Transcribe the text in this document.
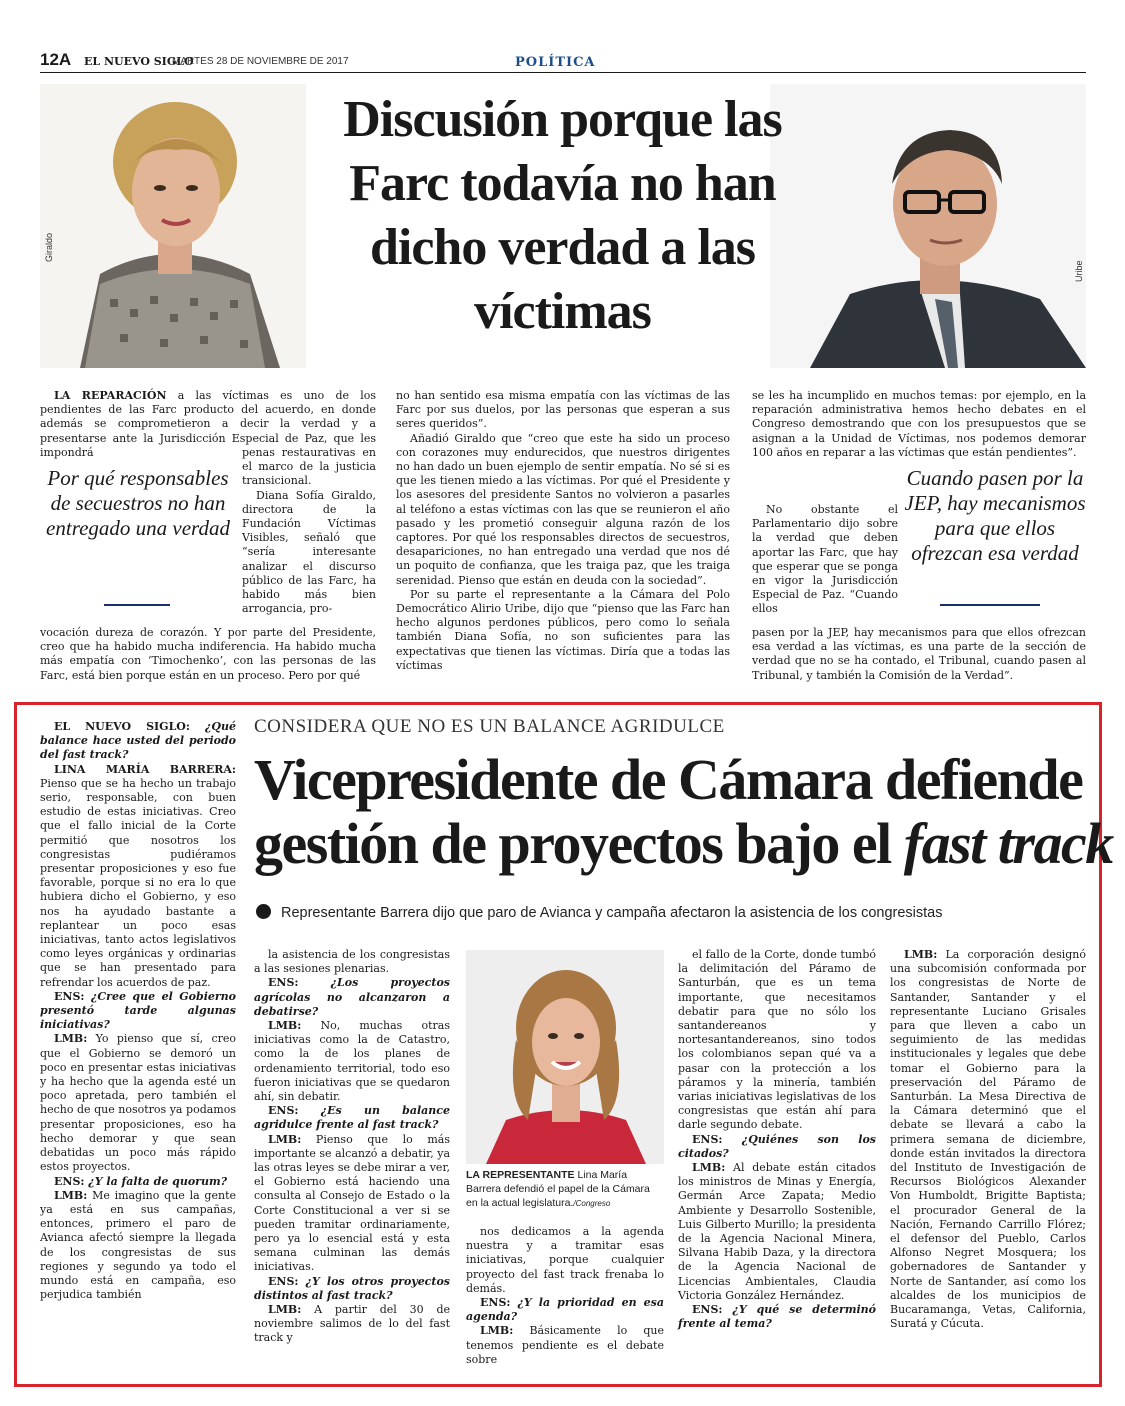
12A EL NUEVO SIGLO
MARTES 28 DE NOVIEMBRE DE 2017	POLÍTICA
Giraldo
Uribe
Discusión porque las Farc todavía no han dicho verdad a las víctimas

LA REPARACIÓN a las víctimas es uno de los pendientes de las Farc producto del acuerdo, en donde además se comprometieron a decir la verdad y a presentarse ante la Jurisdicción Especial de Paz, que les impondrá

Por qué responsables de secuestros no han entregado una verdad

penas restaurativas en el marco de la justicia transicional.

Diana Sofía Giraldo, directora de la Fundación Víctimas Visibles, señaló que “sería interesante analizar el discurso público de las Farc, ha habido más bien arrogancia, pro-

vocación dureza de corazón. Y por parte del Presidente, creo que ha habido mucha indiferencia. Ha habido mucha más empatía con ‘Timochenko’, con las personas de las Farc, está bien porque están en un proceso. Pero por qué

no han sentido esa misma empatía con las víctimas de las Farc por sus duelos, por las personas que esperan a sus seres queridos”.

Añadió Giraldo que “creo que este ha sido un proceso con corazones muy endurecidos, que nuestros dirigentes no han dado un buen ejemplo de sentir empatía. No sé si es que les tienen miedo a las víctimas. Por qué el Presidente y los asesores del presidente Santos no volvieron a pasarles al teléfono a estas víctimas con las que se reunieron el año pasado y les prometió conseguir alguna razón de los captores. Por qué los responsables directos de secuestros, desapariciones, no han entregado una verdad que nos dé un poquito de confianza, que les traiga paz, que les traiga serenidad. Pienso que están en deuda con la sociedad”.

Por su parte el representante a la Cámara del Polo Democrático Alirio Uribe, dijo que “pienso que las Farc han hecho algunos perdones públicos, pero como lo señala también Diana Sofía, no son suficientes para las expectativas que tienen las víctimas. Diría que a todas las víctimas

se les ha incumplido en muchos temas: por ejemplo, en la reparación administrativa hemos hecho debates en el Congreso demostrando que con los presupuestos que se asignan a la Unidad de Víctimas, nos podemos demorar 100 años en reparar a las víctimas que están pendientes”.

No obstante el Parlamentario dijo sobre la verdad que deben aportar las Farc, que hay que esperar que se ponga en vigor la Jurisdicción Especial de Paz. “Cuando ellos

Cuando pasen por la JEP, hay mecanismos para que ellos ofrezcan esa verdad

pasen por la JEP, hay mecanismos para que ellos ofrezcan esa verdad a las víctimas, es una parte de la sección de verdad que no se ha contado, el Tribunal, cuando pasen al Tribunal, y también la Comisión de la Verdad”.

CONSIDERA QUE NO ES UN BALANCE AGRIDULCE
Vicepresidente de Cámara defiende
gestión de proyectos bajo el fast track
Representante Barrera dijo que paro de Avianca y campaña afectaron la asistencia de los congresistas

EL NUEVO SIGLO: ¿Qué balance hace usted del periodo del fast track?

LINA MARÍA BARRERA: Pienso que se ha hecho un trabajo serio, responsable, con buen estudio de estas iniciativas. Creo que el fallo inicial de la Corte permitió que nosotros los congresistas pudiéramos presentar proposiciones y eso fue favorable, porque si no era lo que hubiera dicho el Gobierno, y eso nos ha ayudado bastante a replantear un poco esas iniciativas, tanto actos legislativos como leyes orgánicas y ordinarias que se han presentado para refrendar los acuerdos de paz.

ENS: ¿Cree que el Gobierno presentó tarde algunas iniciativas?

LMB: Yo pienso que sí, creo que el Gobierno se demoró un poco en presentar estas iniciativas y ha hecho que la agenda esté un poco apretada, pero también el hecho de que nosotros ya podamos presentar proposiciones, eso ha hecho demorar y que sean debatidas un poco más rápido estos proyectos.

ENS: ¿Y la falta de quorum?

LMB: Me imagino que la gente ya está en sus campañas, entonces, primero el paro de Avianca afectó siempre la llegada de los congresistas de sus regiones y segundo ya todo el mundo está en campaña, eso perjudica también

la asistencia de los congresistas a las sesiones plenarias.

ENS:	¿Los proyectos agrícolas no alcanzaron a debatirse?

LMB: No, muchas otras iniciativas como la de Catastro, como la de los planes de ordenamiento territorial, todo eso fueron iniciativas que se quedaron ahí, sin debatir.

ENS: ¿Es un balance agridulce frente al fast track?

LMB: Pienso que lo más importante se alcanzó a debatir, ya las otras leyes se debe mirar a ver, el Gobierno está haciendo una consulta al Consejo de Estado o la Corte Constitucional a ver si se pueden tramitar ordinariamente, pero ya lo esencial está y esta semana culminan las demás iniciativas.

ENS: ¿Y los otros proyectos distintos al fast track?

LMB: A partir del 30 de noviembre salimos de lo del fast track y

LA REPRESENTANTE Lina María Barrera defendió el papel de la Cámara en la actual legislatura./Congreso

nos dedicamos a la agenda nuestra y a tramitar esas iniciativas, porque cualquier proyecto del fast track frenaba lo demás.

ENS: ¿Y la prioridad en esa agenda?

LMB: Básicamente lo que tenemos pendiente es el debate sobre

el fallo de la Corte, donde tumbó la delimitación del Páramo de Santurbán, que es un tema importante, que necesitamos debatir para que no sólo los santandereanos y nortesantandereanos, sino todos los colombianos sepan qué va a pasar con la protección a los páramos y la minería, también varias iniciativas legislativas de los congresistas que están ahí para darle segundo debate.

ENS: ¿Quiénes son los citados?

LMB: Al debate están citados los ministros de Minas y Energía, Germán Arce Zapata; Medio Ambiente y Desarrollo Sostenible, Luis Gilberto Murillo; la presidenta de la Agencia Nacional Minera, Silvana Habib Daza, y la directora de la Agencia Nacional de Licencias Ambientales, Claudia Victoria González Hernández.

ENS: ¿Y qué se determinó frente al tema?

LMB: La corporación designó una subcomisión conformada por los congresistas de Norte de Santander, Santander y el representante Luciano Grisales para que lleven a cabo un seguimiento de las medidas institucionales y legales que debe tomar el Gobierno para la preservación del Páramo de Santurbán. La Mesa Directiva de la Cámara determinó que el debate se llevará a cabo la primera semana de diciembre, donde están invitados la directora del Instituto de Investigación de Recursos Biológicos Alexander Von Humboldt, Brigitte Baptista; el procurador General de la Nación, Fernando Carrillo Flórez; el defensor del Pueblo, Carlos Alfonso Negret Mosquera; los gobernadores de Santander y Norte de Santander, así como los alcaldes de los municipios de Bucaramanga, Vetas, California, Suratá y Cúcuta.
